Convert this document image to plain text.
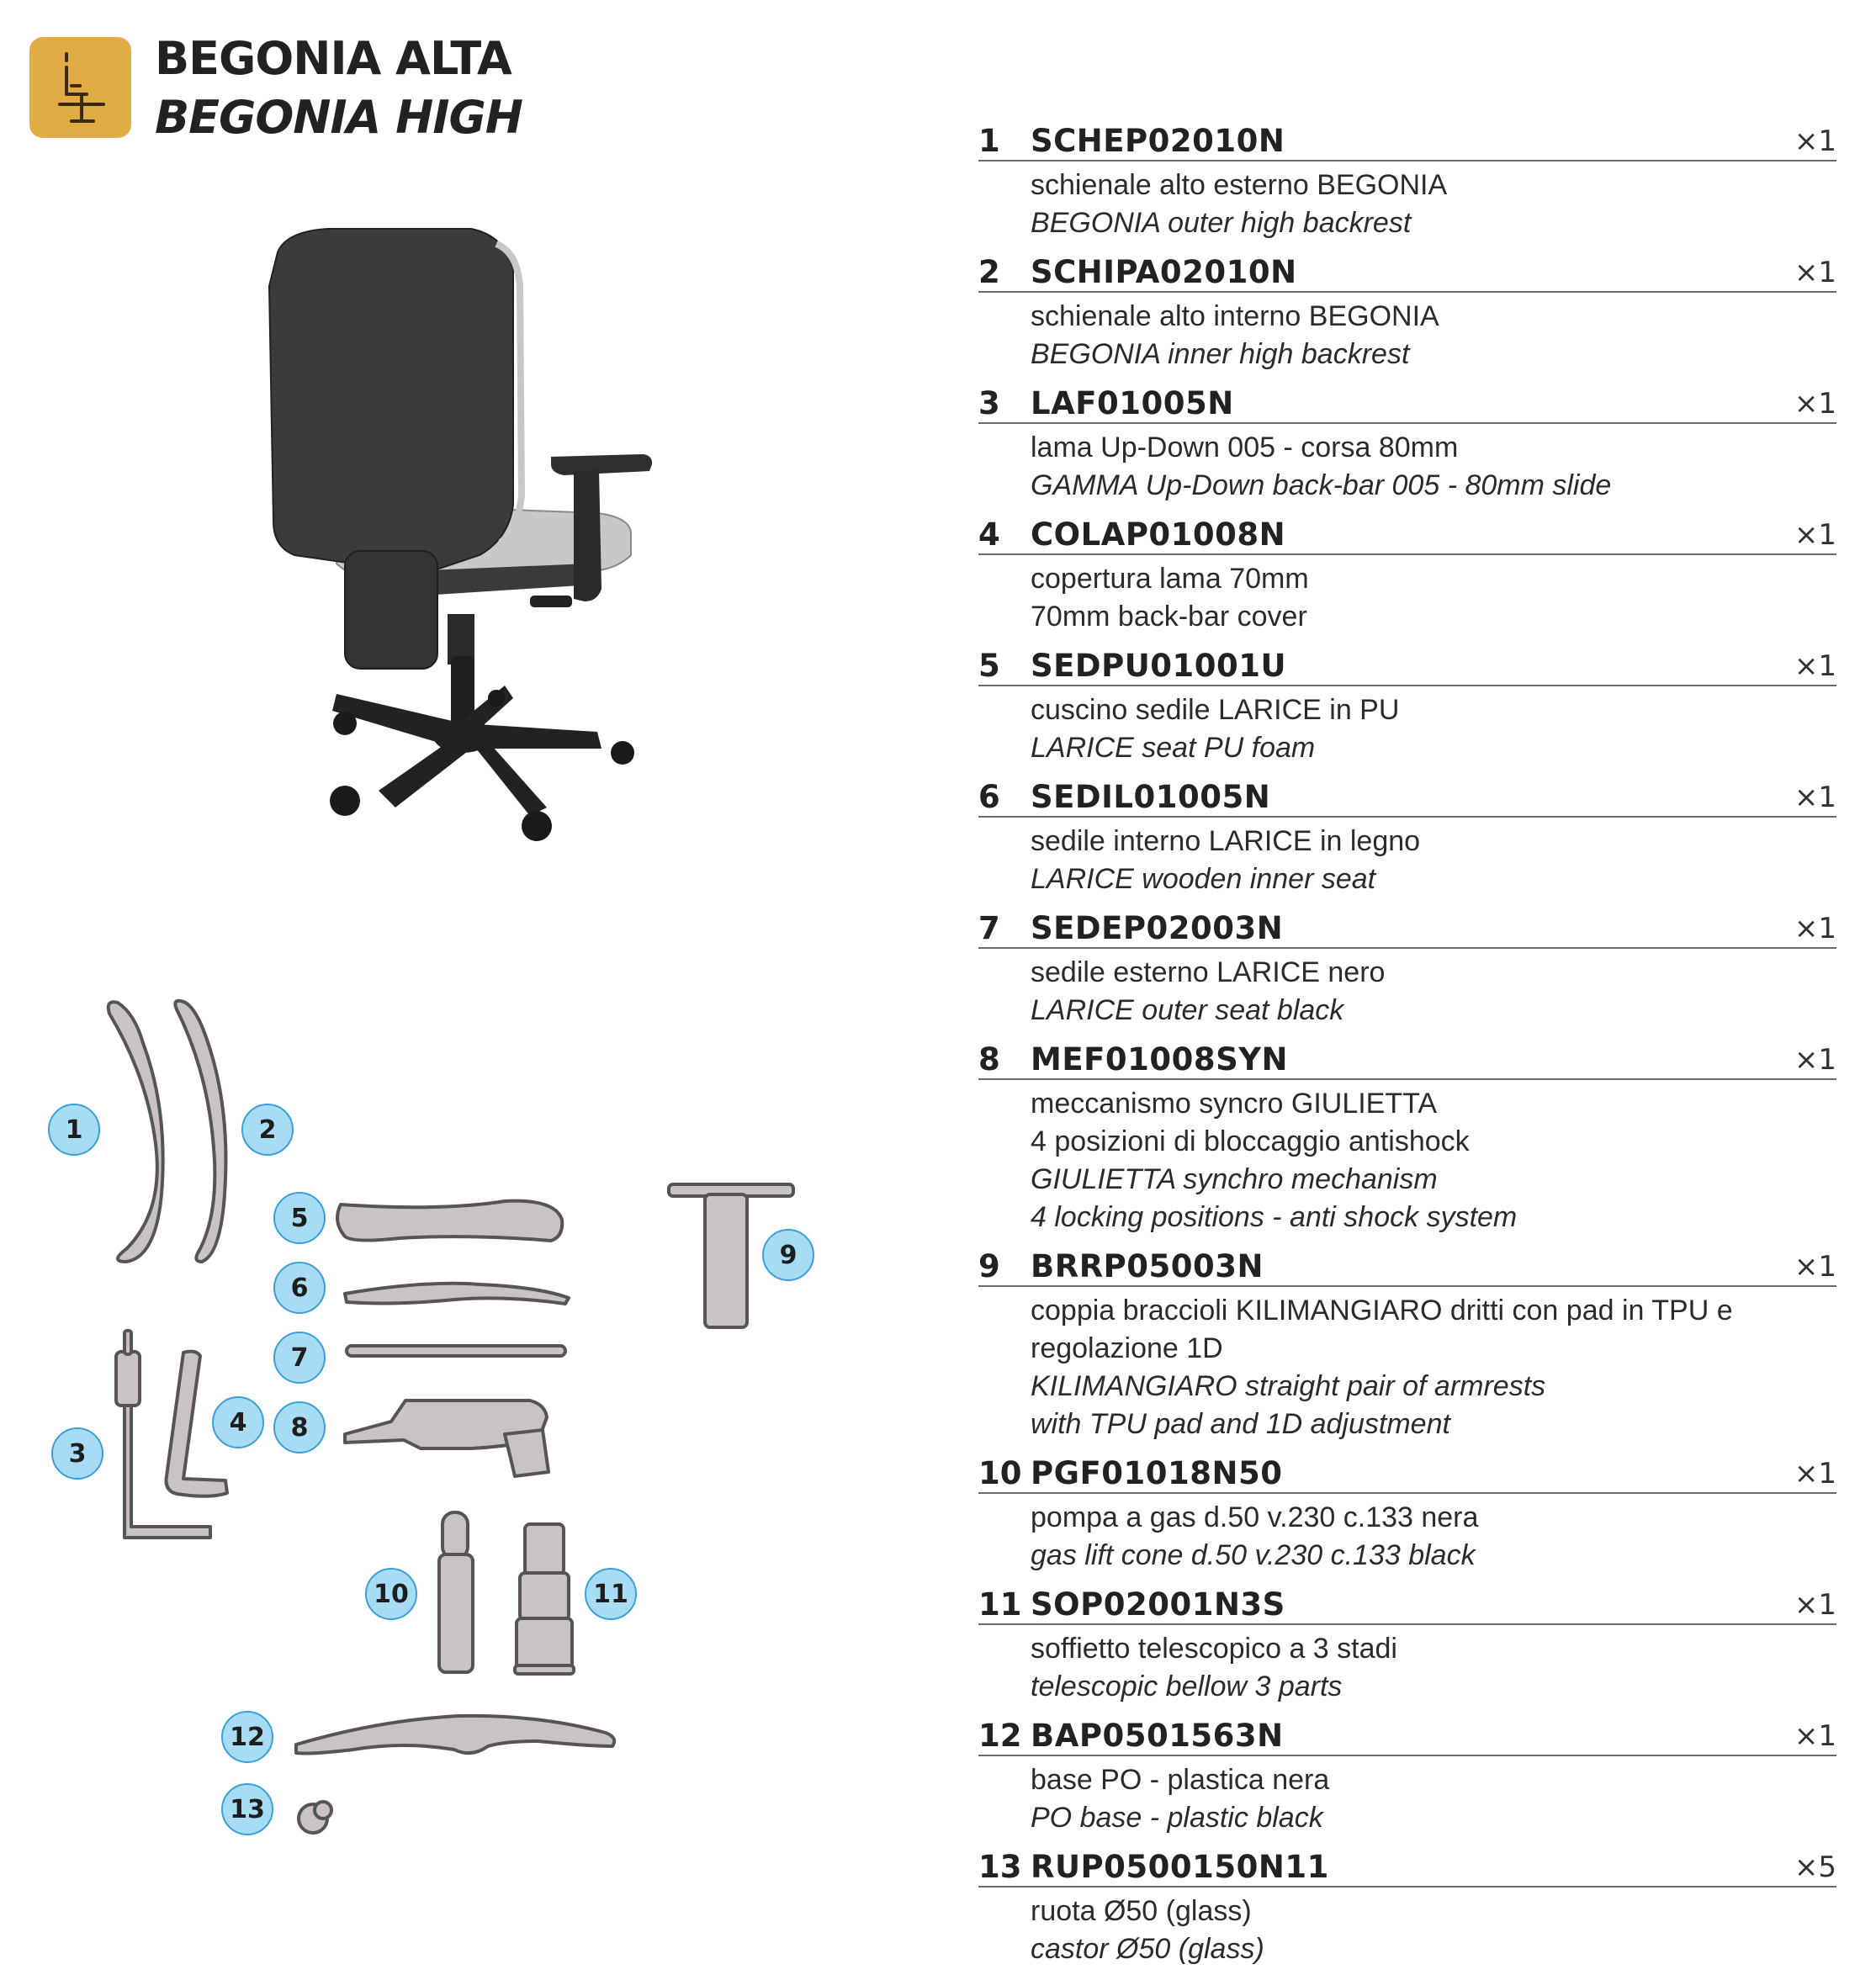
BEGONIA ALTA
BEGONIA HIGH
1	2
5
6
7
8
4
3
9
10	11
12
13
1 SCHEP02010N	×1
schienale alto esterno BEGONIA
BEGONIA outer high backrest
2 SCHIPA02010N	×1
schienale alto interno BEGONIA
BEGONIA inner high backrest
3 LAF01005N	×1
lama Up-Down 005 - corsa 80mm
GAMMA Up-Down back-bar 005 - 80mm slide
4 COLAP01008N	×1
copertura lama 70mm
70mm back-bar cover
5 SEDPU01001U	×1
cuscino sedile LARICE in PU
LARICE seat PU foam
6 SEDIL01005N	×1
sedile interno LARICE in legno
LARICE wooden inner seat
7 SEDEP02003N	×1
sedile esterno LARICE nero
LARICE outer seat black
8 MEF01008SYN	×1
meccanismo syncro GIULIETTA
4 posizioni di bloccaggio antishock
GIULIETTA synchro mechanism
4 locking positions - anti shock system
9 BRRP05003N	×1
coppia braccioli KILIMANGIARO dritti con pad in TPU e
regolazione 1D
KILIMANGIARO straight pair of armrests
with TPU pad and 1D adjustment
10 PGF01018N50	×1
pompa a gas d.50 v.230 c.133 nera
gas lift cone d.50 v.230 c.133 black
11 SOP02001N3S	×1
soffietto telescopico a 3 stadi
telescopic bellow 3 parts
12 BAP0501563N	×1
base PO - plastica nera
PO base - plastic black
13 RUP0500150N11	×5
ruota Ø50 (glass)
castor Ø50 (glass)
